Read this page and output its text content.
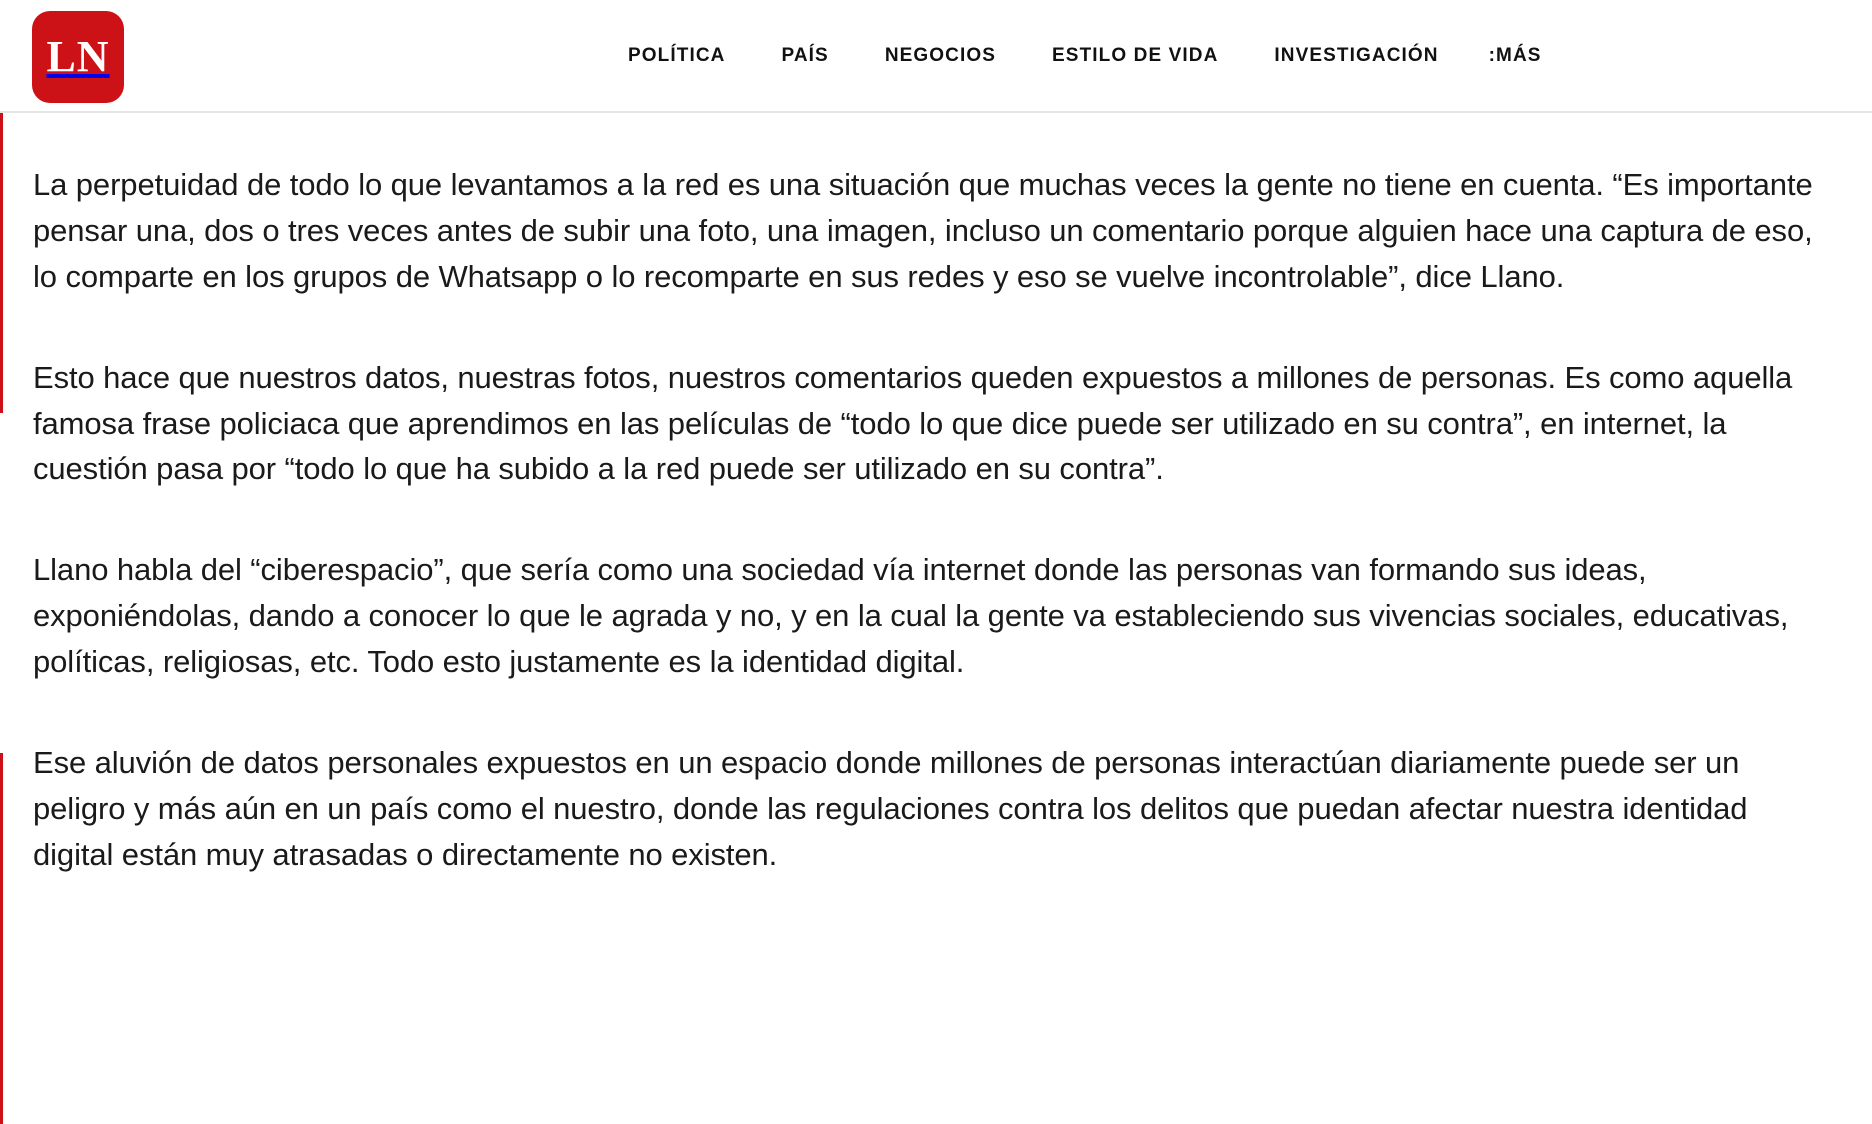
LN	POLÍTICA	PAÍS	NEGOCIOS	ESTILO DE VIDA	INVESTIGACIÓN	:MÁS

La perpetuidad de todo lo que levantamos a la red es una situación que muchas veces la gente no tiene en cuenta. “Es importante pensar una, dos o tres veces antes de subir una foto, una imagen, incluso un comentario porque alguien hace una captura de eso, lo comparte en los grupos de Whatsapp o lo recomparte en sus redes y eso se vuelve incontrolable”, dice Llano.

Esto hace que nuestros datos, nuestras fotos, nuestros comentarios queden expuestos a millones de personas. Es como aquella famosa frase policiaca que aprendimos en las películas de “todo lo que dice puede ser utilizado en su contra”, en internet, la cuestión pasa por “todo lo que ha subido a la red puede ser utilizado en su contra”.

Llano habla del “ciberespacio”, que sería como una sociedad vía internet donde las personas van formando sus ideas, exponiéndolas, dando a conocer lo que le agrada y no, y en la cual la gente va estableciendo sus vivencias sociales, educativas, políticas, religiosas, etc. Todo esto justamente es la identidad digital.

Ese aluvión de datos personales expuestos en un espacio donde millones de personas interactúan diariamente puede ser un peligro y más aún en un país como el nuestro, donde las regulaciones contra los delitos que puedan afectar nuestra identidad digital están muy atrasadas o directamente no existen.
